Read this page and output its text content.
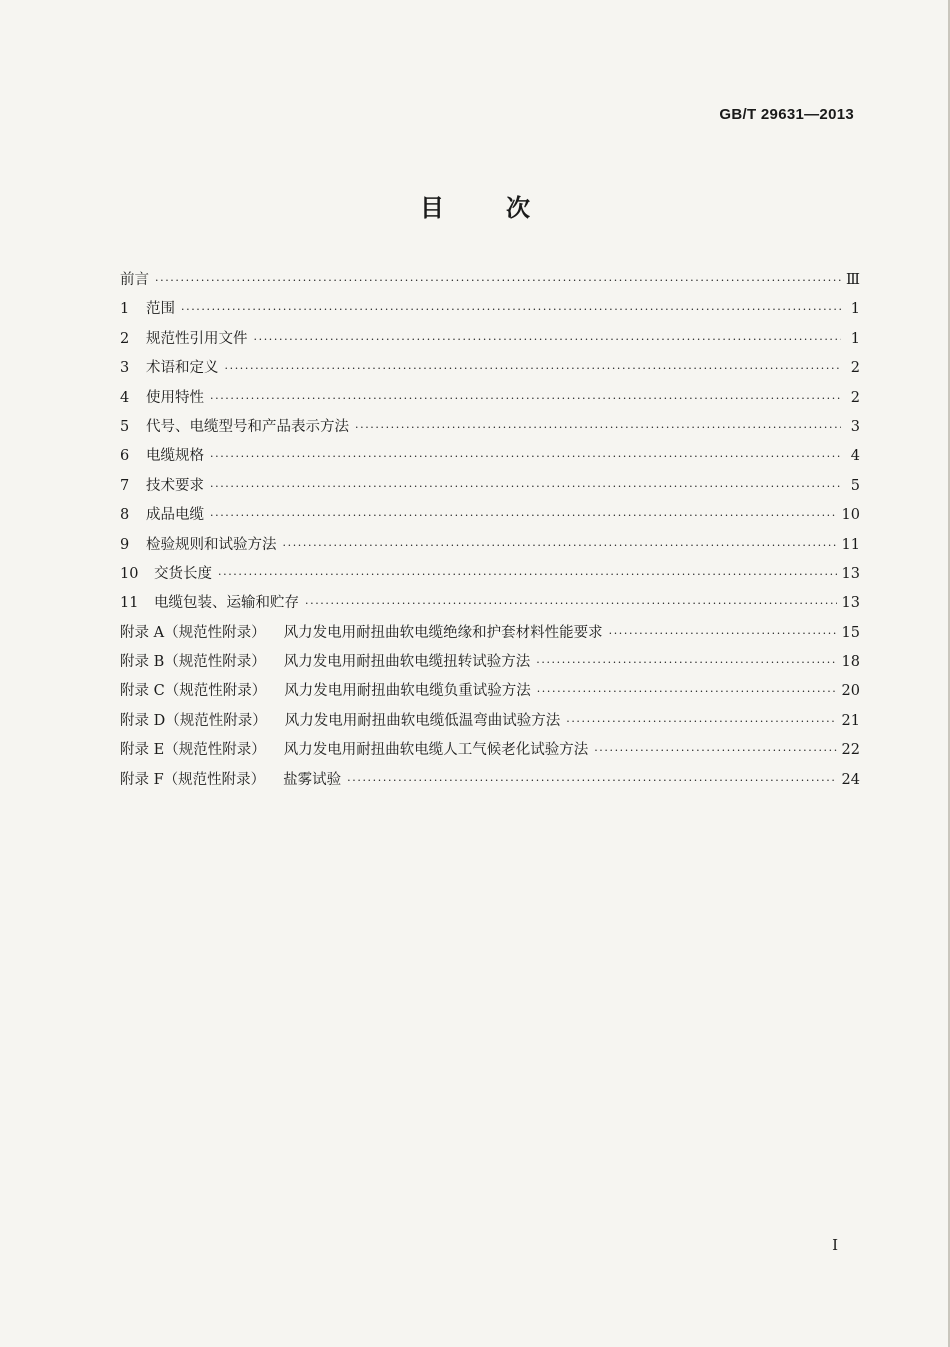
GB/T 29631—2013
目	次
前言 ·····	Ⅲ
1	范围 ·····	1
2	规范性引用文件 ·····	1
3	术语和定义 ·····	2
4	使用特性 ·····	2
5	代号、电缆型号和产品表示方法 ·····	3
6	电缆规格 ·····	4
7	技术要求 ·····	5
8	成品电缆 ·····	10
9	检验规则和试验方法 ·····	11
10	交货长度 ·····	13
11	电缆包装、运输和贮存 ·····	13
附录 A（规范性附录） 风力发电用耐扭曲软电缆绝缘和护套材料性能要求 ·····	15
附录 B（规范性附录） 风力发电用耐扭曲软电缆扭转试验方法 ·····	18
附录 C（规范性附录） 风力发电用耐扭曲软电缆负重试验方法 ·····	20
附录 D（规范性附录） 风力发电用耐扭曲软电缆低温弯曲试验方法 ·····	21
附录 E（规范性附录） 风力发电用耐扭曲软电缆人工气候老化试验方法 ·····	22
附录 F（规范性附录） 盐雾试验 ·····	24
I
